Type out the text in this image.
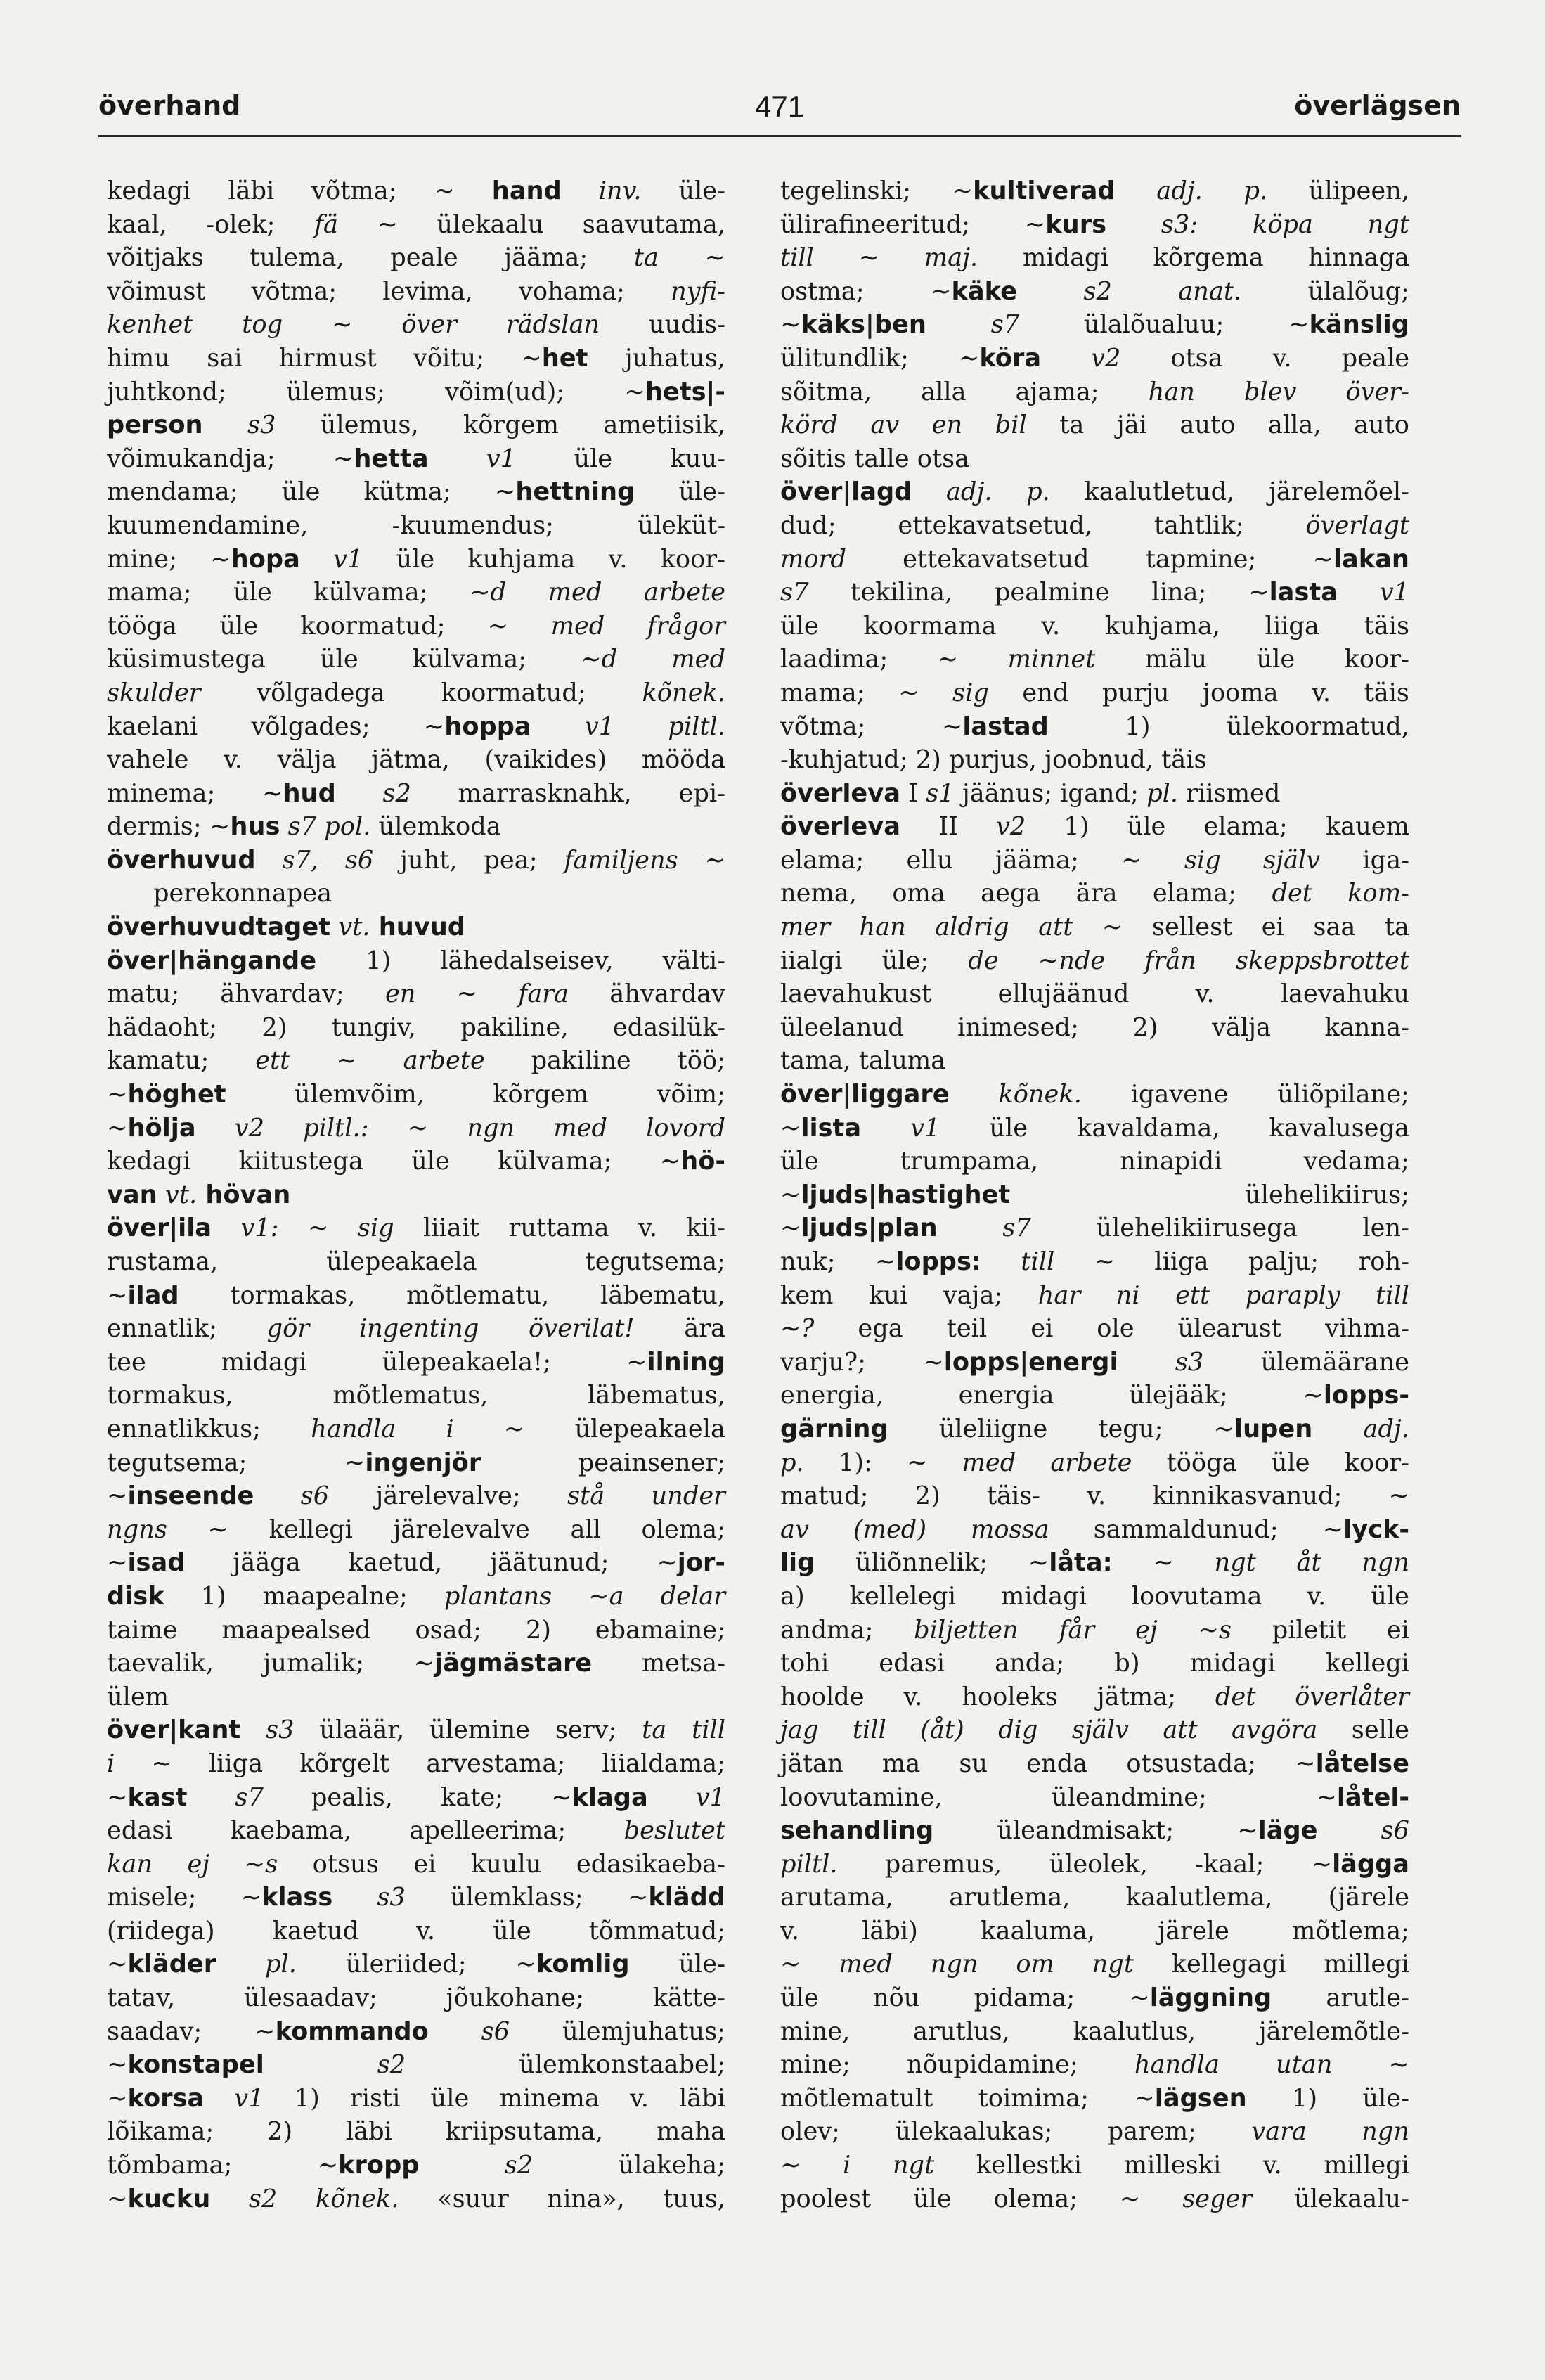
överhand	471	överlägsen
kedagi läbi võtma; ~ hand inv. üle-
kaal, -olek; fä ~ ülekaalu saavutama,
võitjaks tulema, peale jääma; ta ~
võimust võtma; levima, vohama; nyfi-
kenhet tog ~ över rädslan uudis-
himu sai hirmust võitu; ~het juhatus,
juhtkond; ülemus; võim(ud); ~hets|-
person s3 ülemus, kõrgem ametiisik,
võimukandja; ~hetta v1 üle kuu-
mendama; üle kütma; ~hettning üle-
kuumendamine, -kuumendus; üleküt-
mine; ~hopa v1 üle kuhjama v. koor-
mama; üle külvama; ~d med arbete
tööga üle koormatud; ~ med frågor
küsimustega üle külvama; ~d med
skulder võlgadega koormatud; kõnek.
kaelani võlgades; ~hoppa v1 piltl.
vahele v. välja jätma, (vaikides) mööda
minema; ~hud s2 marrasknahk, epi-
dermis; ~hus s7 pol. ülemkoda
överhuvud s7, s6 juht, pea; familjens ~
perekonnapea
överhuvudtaget vt. huvud
över|hängande 1) lähedalseisev, välti-
matu; ähvardav; en ~ fara ähvardav
hädaoht; 2) tungiv, pakiline, edasilük-
kamatu; ett ~ arbete pakiline töö;
~höghet ülemvõim, kõrgem võim;
~hölja v2 piltl.: ~ ngn med lovord
kedagi kiitustega üle külvama; ~hö-
van vt. hövan
över|ila v1: ~ sig liiait ruttama v. kii-
rustama, ülepeakaela tegutsema;
~ilad tormakas, mõtlematu, läbematu,
ennatlik; gör ingenting överilat! ära
tee midagi ülepeakaela!; ~ilning
tormakus, mõtlematus, läbematus,
ennatlikkus; handla i ~ ülepeakaela
tegutsema; ~ingenjör peainsener;
~inseende s6 järelevalve; stå under
ngns ~ kellegi järelevalve all olema;
~isad jääga kaetud, jäätunud; ~jor-
disk 1) maapealne; plantans ~a delar
taime maapealsed osad; 2) ebamaine;
taevalik, jumalik; ~jägmästare metsa-
ülem
över|kant s3 ülaäär, ülemine serv; ta till
i ~ liiga kõrgelt arvestama; liialdama;
~kast s7 pealis, kate; ~klaga v1
edasi kaebama, apelleerima; beslutet
kan ej ~s otsus ei kuulu edasikaeba-
misele; ~klass s3 ülemklass; ~klädd
(riidega) kaetud v. üle tõmmatud;
~kläder pl. üleriided; ~komlig üle-
tatav, ülesaadav; jõukohane; kätte-
saadav; ~kommando s6 ülemjuhatus;
~konstapel s2 ülemkonstaabel;
~korsa v1 1) risti üle minema v. läbi
lõikama; 2) läbi kriipsutama, maha
tõmbama; ~kropp s2 ülakeha;
~kucku s2 kõnek. «suur nina», tuus,
tegelinski; ~kultiverad adj. p. ülipeen,
ülirafineeritud; ~kurs s3: köpa ngt
till ~ maj. midagi kõrgema hinnaga
ostma; ~käke s2 anat. ülalõug;
~käks|ben s7 ülalõualuu; ~känslig
ülitundlik; ~köra v2 otsa v. peale
sõitma, alla ajama; han blev över-
körd av en bil ta jäi auto alla, auto
sõitis talle otsa
över|lagd adj. p. kaalutletud, järelemõel-
dud; ettekavatsetud, tahtlik; överlagt
mord ettekavatsetud tapmine; ~lakan
s7 tekilina, pealmine lina; ~lasta v1
üle koormama v. kuhjama, liiga täis
laadima; ~ minnet mälu üle koor-
mama; ~ sig end purju jooma v. täis
võtma; ~lastad 1) ülekoormatud,
-kuhjatud; 2) purjus, joobnud, täis
överleva I s1 jäänus; igand; pl. riismed
överleva II v2 1) üle elama; kauem
elama; ellu jääma; ~ sig själv iga-
nema, oma aega ära elama; det kom-
mer han aldrig att ~ sellest ei saa ta
iialgi üle; de ~nde från skeppsbrottet
laevahukust ellujäänud v. laevahuku
üleelanud inimesed; 2) välja kanna-
tama, taluma
över|liggare kõnek. igavene üliõpilane;
~lista v1 üle kavaldama, kavalusega
üle trumpama, ninapidi vedama;
~ljuds|hastighet ülehelikiirus;
~ljuds|plan s7 ülehelikiirusega len-
nuk; ~lopps: till ~ liiga palju; roh-
kem kui vaja; har ni ett paraply till
~? ega teil ei ole ülearust vihma-
varju?; ~lopps|energi s3 ülemäärane
energia, energia ülejääk; ~lopps-
gärning üleliigne tegu; ~lupen adj.
p. 1): ~ med arbete tööga üle koor-
matud; 2) täis- v. kinnikasvanud; ~
av (med) mossa sammaldunud; ~lyck-
lig üliõnnelik; ~låta: ~ ngt åt ngn
a) kellelegi midagi loovutama v. üle
andma; biljetten får ej ~s piletit ei
tohi edasi anda; b) midagi kellegi
hoolde v. hooleks jätma; det överlåter
jag till (åt) dig själv att avgöra selle
jätan ma su enda otsustada; ~låtelse
loovutamine, üleandmine; ~låtel-
sehandling üleandmisakt; ~läge s6
piltl. paremus, üleolek, -kaal; ~lägga
arutama, arutlema, kaalutlema, (järele
v. läbi) kaaluma, järele mõtlema;
~ med ngn om ngt kellegagi millegi
üle nõu pidama; ~läggning arutle-
mine, arutlus, kaalutlus, järelemõtle-
mine; nõupidamine; handla utan ~
mõtlematult toimima; ~lägsen 1) üle-
olev; ülekaalukas; parem; vara ngn
~ i ngt kellestki milleski v. millegi
poolest üle olema; ~ seger ülekaalu-
